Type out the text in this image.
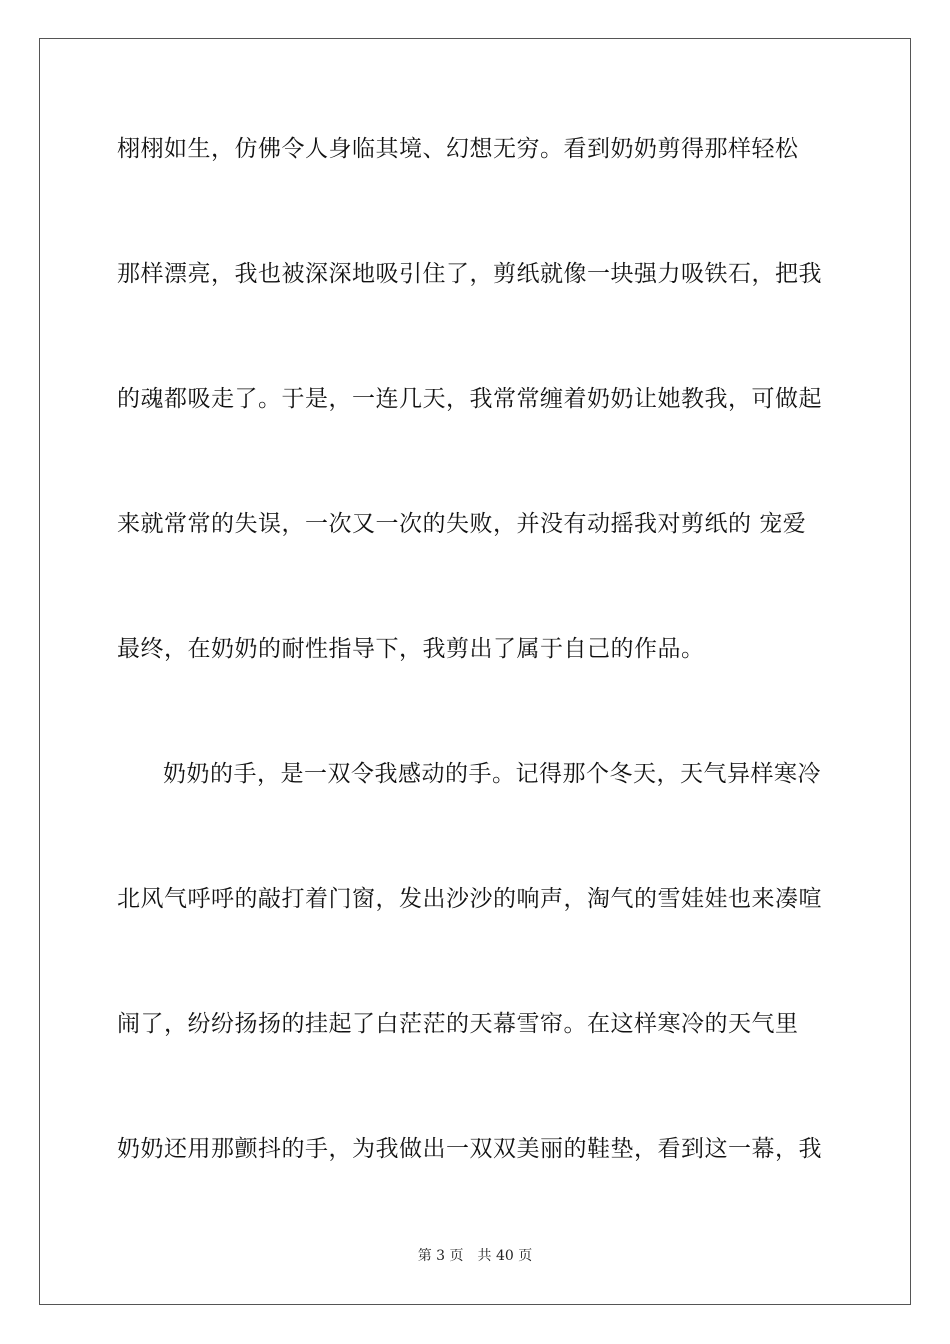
栩栩如生，仿佛令人身临其境、幻想无穷。看到奶奶剪得那样轻松
那样漂亮，我也被深深地吸引住了，剪纸就像一块强力吸铁石，把我
的魂都吸走了。于是，一连几天，我常常缠着奶奶让她教我，可做起
来就常常的失误，一次又一次的失败，并没有动摇我对剪纸的 宠爱
最终，在奶奶的耐性指导下，我剪出了属于自己的作品。
奶奶的手，是一双令我感动的手。记得那个冬天，天气异样寒冷
北风气呼呼的敲打着门窗，发出沙沙的响声，淘气的雪娃娃也来凑喧
闹了，纷纷扬扬的挂起了白茫茫的天幕雪帘。在这样寒冷的天气里
奶奶还用那颤抖的手，为我做出一双双美丽的鞋垫，看到这一幕，我
第 3 页 共 40 页
